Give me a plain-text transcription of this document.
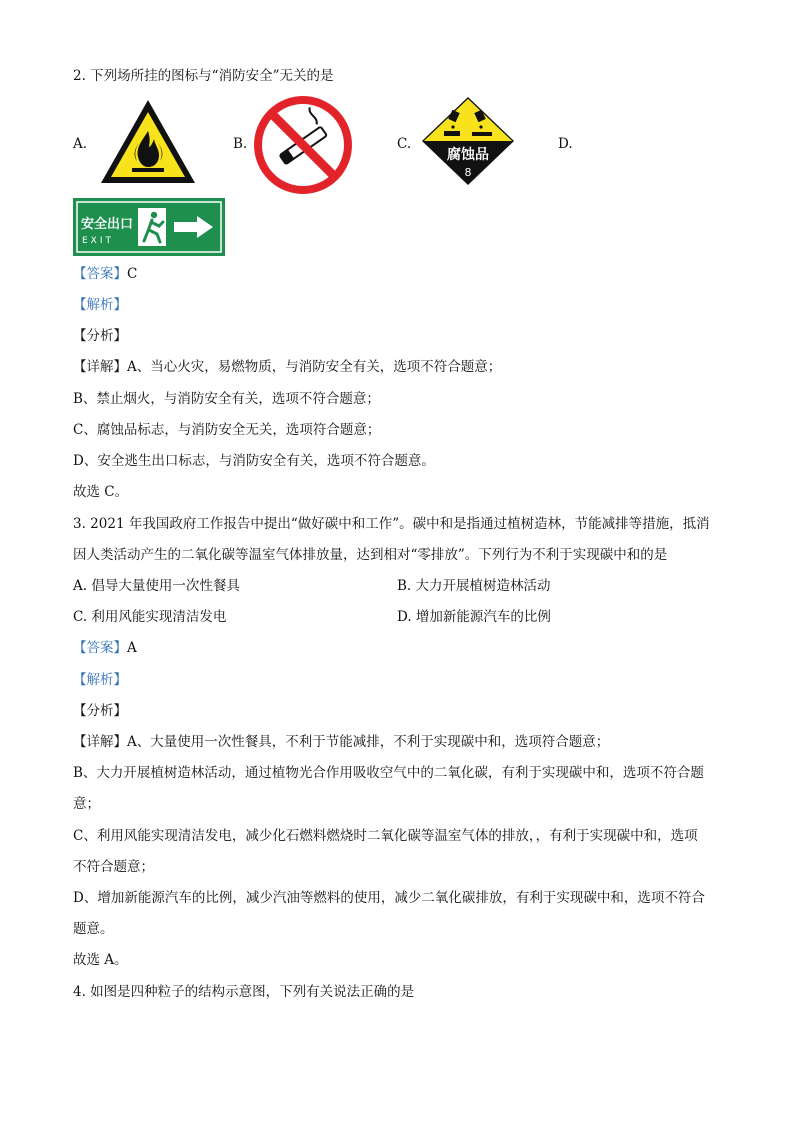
2. 下列场所挂的图标与“消防安全”无关的是
A.	B.	C.
腐蚀品
8
D.
安全出口
EXIT
【答案】C
【解析】
【分析】
【详解】A、当心火灾，易燃物质，与消防安全有关，选项不符合题意；
B、禁止烟火，与消防安全有关，选项不符合题意；
C、腐蚀品标志，与消防安全无关，选项符合题意；
D、安全逃生出口标志，与消防安全有关，选项不符合题意。
故选 C。
3. 2021 年我国政府工作报告中提出“做好碳中和工作”。碳中和是指通过植树造林，节能减排等措施，抵消
因人类活动产生的二氧化碳等温室气体排放量，达到相对“零排放”。下列行为不利于实现碳中和的是
A. 倡导大量使用一次性餐具	B. 大力开展植树造林活动
C. 利用风能实现清洁发电	D. 增加新能源汽车的比例
【答案】A
【解析】
【分析】
【详解】A、大量使用一次性餐具，不利于节能减排，不利于实现碳中和，选项符合题意；
B、大力开展植树造林活动，通过植物光合作用吸收空气中的二氧化碳，有利于实现碳中和，选项不符合题
意；
C、利用风能实现清洁发电，减少化石燃料燃烧时二氧化碳等温室气体的排放，，有利于实现碳中和，选项
不符合题意；
D、增加新能源汽车的比例，减少汽油等燃料的使用，减少二氧化碳排放，有利于实现碳中和，选项不符合
题意。
故选 A。
4. 如图是四种粒子的结构示意图，下列有关说法正确的是
